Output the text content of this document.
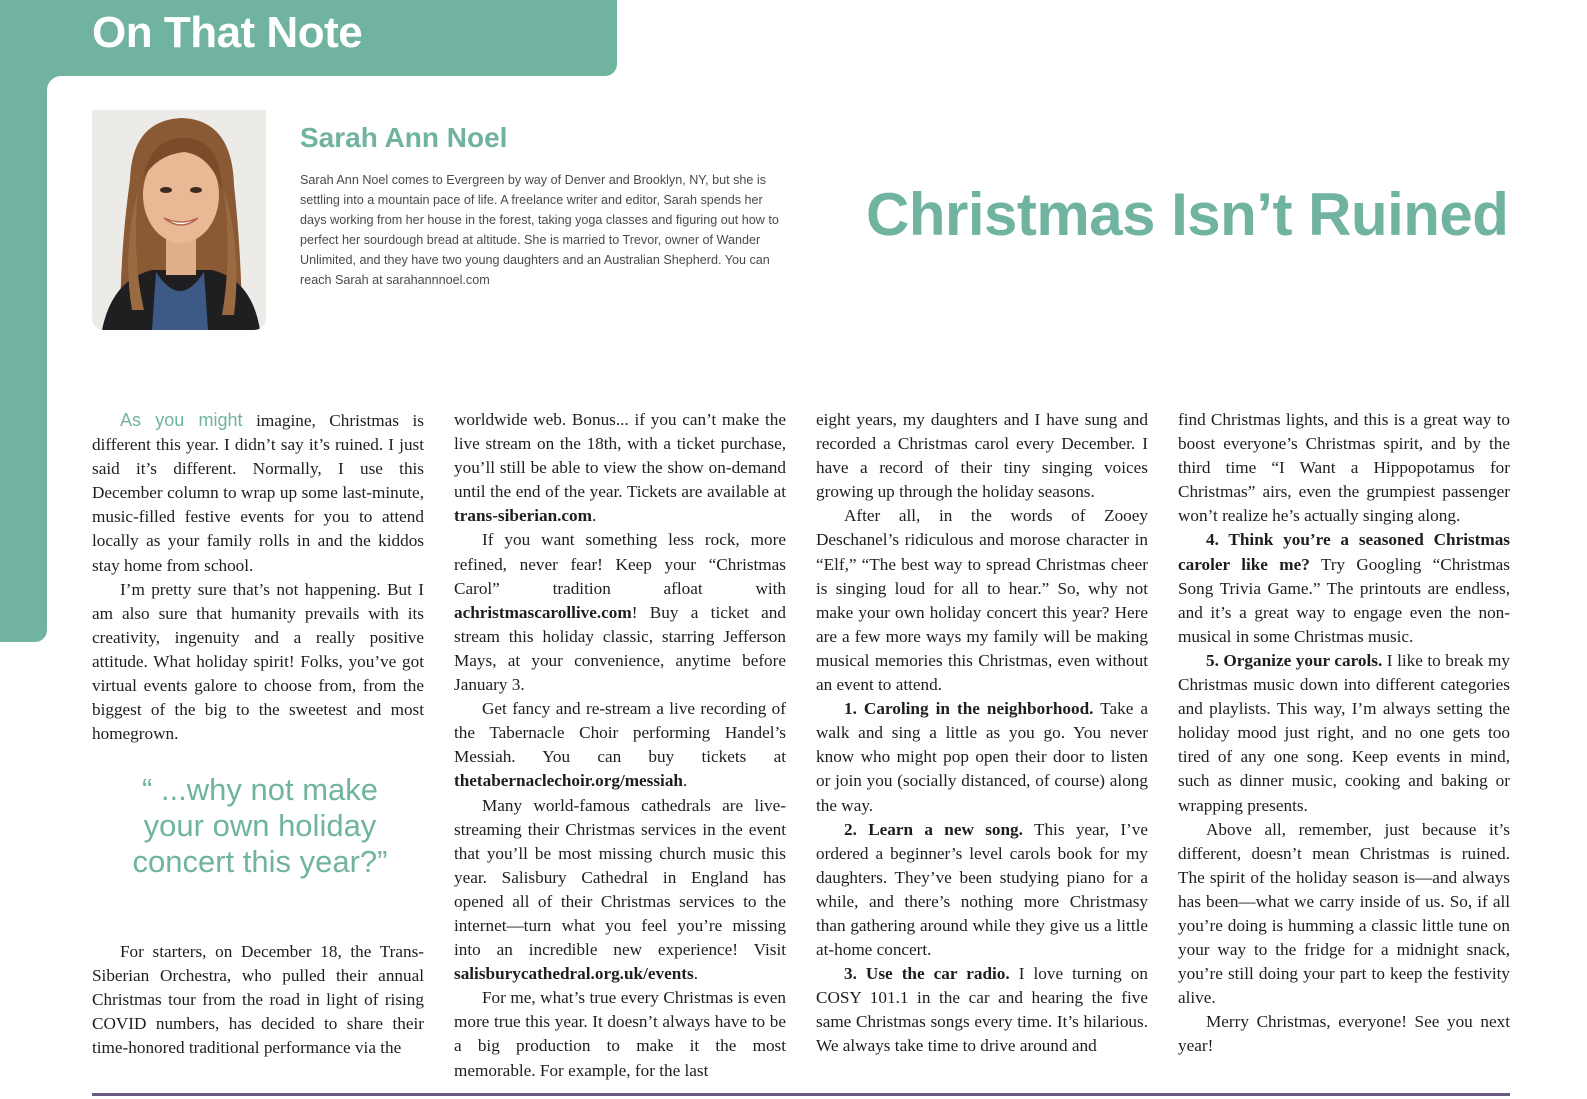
On That Note
Sarah Ann Noel
Sarah Ann Noel comes to Evergreen by way of Denver and Brooklyn, NY, but she is settling into a mountain pace of life. A freelance writer and editor, Sarah spends her days working from her house in the forest, taking yoga classes and figuring out how to perfect her sourdough bread at altitude. She is married to Trevor, owner of Wander Unlimited, and they have two young daughters and an Australian Shepherd. You can reach Sarah at sarahannnoel.com
Christmas Isn’t Ruined

As you might imagine, Christmas is different this year. I didn’t say it’s ruined. I just said it’s different. Normally, I use this December column to wrap up some last-minute, music-filled festive events for you to attend locally as your family rolls in and the kiddos stay home from school.

I’m pretty sure that’s not happening. But I am also sure that humanity prevails with its creativity, ingenuity and a really positive attitude. What holiday spirit! Folks, you’ve got virtual events galore to choose from, from the biggest of the big to the sweetest and most homegrown.

“ ...why not make your own holiday concert this year?”

For starters, on December 18, the Trans-Siberian Orchestra, who pulled their annual Christmas tour from the road in light of rising COVID numbers, has decided to share their time-honored traditional performance via the

worldwide web. Bonus... if you can’t make the live stream on the 18th, with a ticket purchase, you’ll still be able to view the show on-demand until the end of the year. Tickets are available at trans-siberian.com.

If you want something less rock, more refined, never fear! Keep your “Christmas Carol” tradition afloat with achristmascarollive.com! Buy a ticket and stream this holiday classic, starring Jefferson Mays, at your convenience, anytime before January 3.

Get fancy and re-stream a live recording of the Tabernacle Choir performing Handel’s Messiah. You can buy tickets at thetabernaclechoir.org/messiah.

Many world-famous cathedrals are live-streaming their Christmas services in the event that you’ll be most missing church music this year. Salisbury Cathedral in England has opened all of their Christmas services to the internet—turn what you feel you’re missing into an incredible new experience! Visit salisburycathedral.org.uk/events.

For me, what’s true every Christmas is even more true this year. It doesn’t always have to be a big production to make it the most memorable. For example, for the last

eight years, my daughters and I have sung and recorded a Christmas carol every December. I have a record of their tiny singing voices growing up through the holiday seasons.

After all, in the words of Zooey Deschanel’s ridiculous and morose character in “Elf,” “The best way to spread Christmas cheer is singing loud for all to hear.” So, why not make your own holiday concert this year? Here are a few more ways my family will be making musical memories this Christmas, even without an event to attend.

1. Caroling in the neighborhood. Take a walk and sing a little as you go. You never know who might pop open their door to listen or join you (socially distanced, of course) along the way.

2. Learn a new song. This year, I’ve ordered a beginner’s level carols book for my daughters. They’ve been studying piano for a while, and there’s nothing more Christmasy than gathering around while they give us a little at-home concert.

3. Use the car radio. I love turning on COSY 101.1 in the car and hearing the five same Christmas songs every time. It’s hilarious. We always take time to drive around and

find Christmas lights, and this is a great way to boost everyone’s Christmas spirit, and by the third time “I Want a Hippopotamus for Christmas” airs, even the grumpiest passenger won’t realize he’s actually singing along.

4. Think you’re a seasoned Christmas caroler like me? Try Googling “Christmas Song Trivia Game.” The printouts are endless, and it’s a great way to engage even the non-musical in some Christmas music.

5. Organize your carols. I like to break my Christmas music down into different categories and playlists. This way, I’m always setting the holiday mood just right, and no one gets too tired of any one song. Keep events in mind, such as dinner music, cooking and baking or wrapping presents.

Above all, remember, just because it’s different, doesn’t mean Christmas is ruined. The spirit of the holiday season is—and always has been—what we carry inside of us. So, if all you’re doing is humming a classic little tune on your way to the fridge for a midnight snack, you’re still doing your part to keep the festivity alive.

Merry Christmas, everyone! See you next year!
